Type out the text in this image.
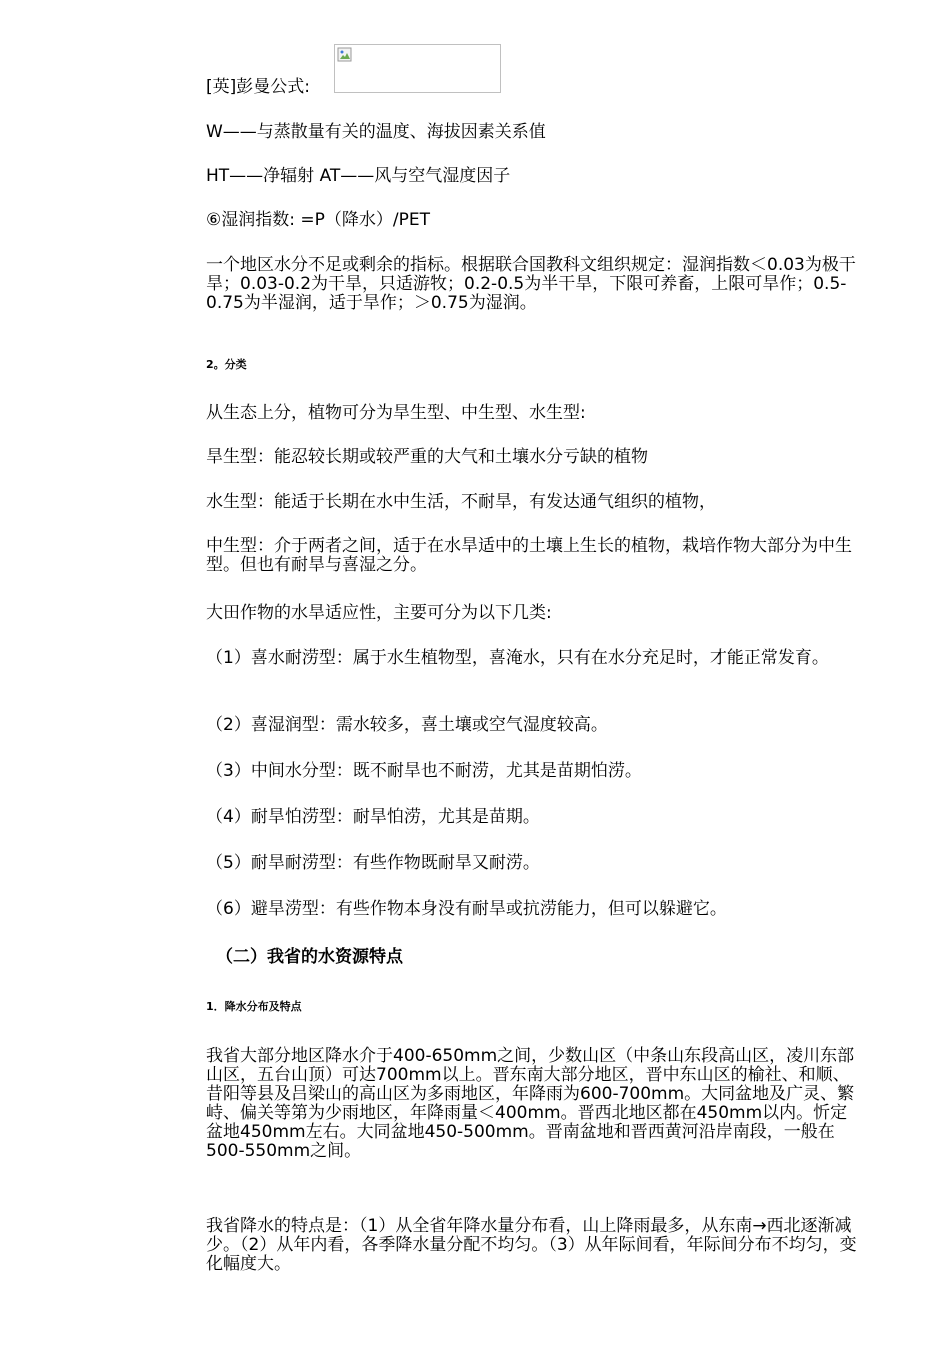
[英]彭曼公式:

W——与蒸散量有关的温度、海拔因素关系值

HT——净辐射 AT——风与空气湿度因子

⑥湿润指数: =P（降水）/PET

一个地区水分不足或剩余的指标。根据联合国教科文组织规定：湿润指数＜0.03为极干旱；0.03-0.2为干旱，只适游牧；0.2-0.5为半干旱，下限可养畜，上限可旱作；0.5-0.75为半湿润，适于旱作；＞0.75为湿润。

2。分类

从生态上分，植物可分为旱生型、中生型、水生型:

旱生型：能忍较长期或较严重的大气和土壤水分亏缺的植物

水生型：能适于长期在水中生活，不耐旱，有发达通气组织的植物，

中生型：介于两者之间，适于在水旱适中的土壤上生长的植物，栽培作物大部分为中生型。但也有耐旱与喜湿之分。

大田作物的水旱适应性，主要可分为以下几类:

（1）喜水耐涝型：属于水生植物型，喜淹水，只有在水分充足时，才能正常发育。

（2）喜湿润型：需水较多，喜土壤或空气湿度较高。

（3）中间水分型：既不耐旱也不耐涝，尤其是苗期怕涝。

（4）耐旱怕涝型：耐旱怕涝，尤其是苗期。

（5）耐旱耐涝型：有些作物既耐旱又耐涝。

（6）避旱涝型：有些作物本身没有耐旱或抗涝能力，但可以躲避它。

（二）我省的水资源特点
1．降水分布及特点

我省大部分地区降水介于400-650mm之间，少数山区（中条山东段高山区，凌川东部山区，五台山顶）可达700mm以上。晋东南大部分地区，晋中东山区的榆社、和顺、昔阳等县及吕梁山的高山区为多雨地区，年降雨为600-700mm。大同盆地及广灵、繁峙、偏关等第为少雨地区，年降雨量＜400mm。晋西北地区都在450mm以内。忻定盆地450mm左右。大同盆地450-500mm。晋南盆地和晋西黄河沿岸南段，一般在500-550mm之间。

我省降水的特点是：（1）从全省年降水量分布看，山上降雨最多，从东南→西北逐渐减少。（2）从年内看，各季降水量分配不均匀。（3）从年际间看，年际间分布不均匀，变化幅度大。
